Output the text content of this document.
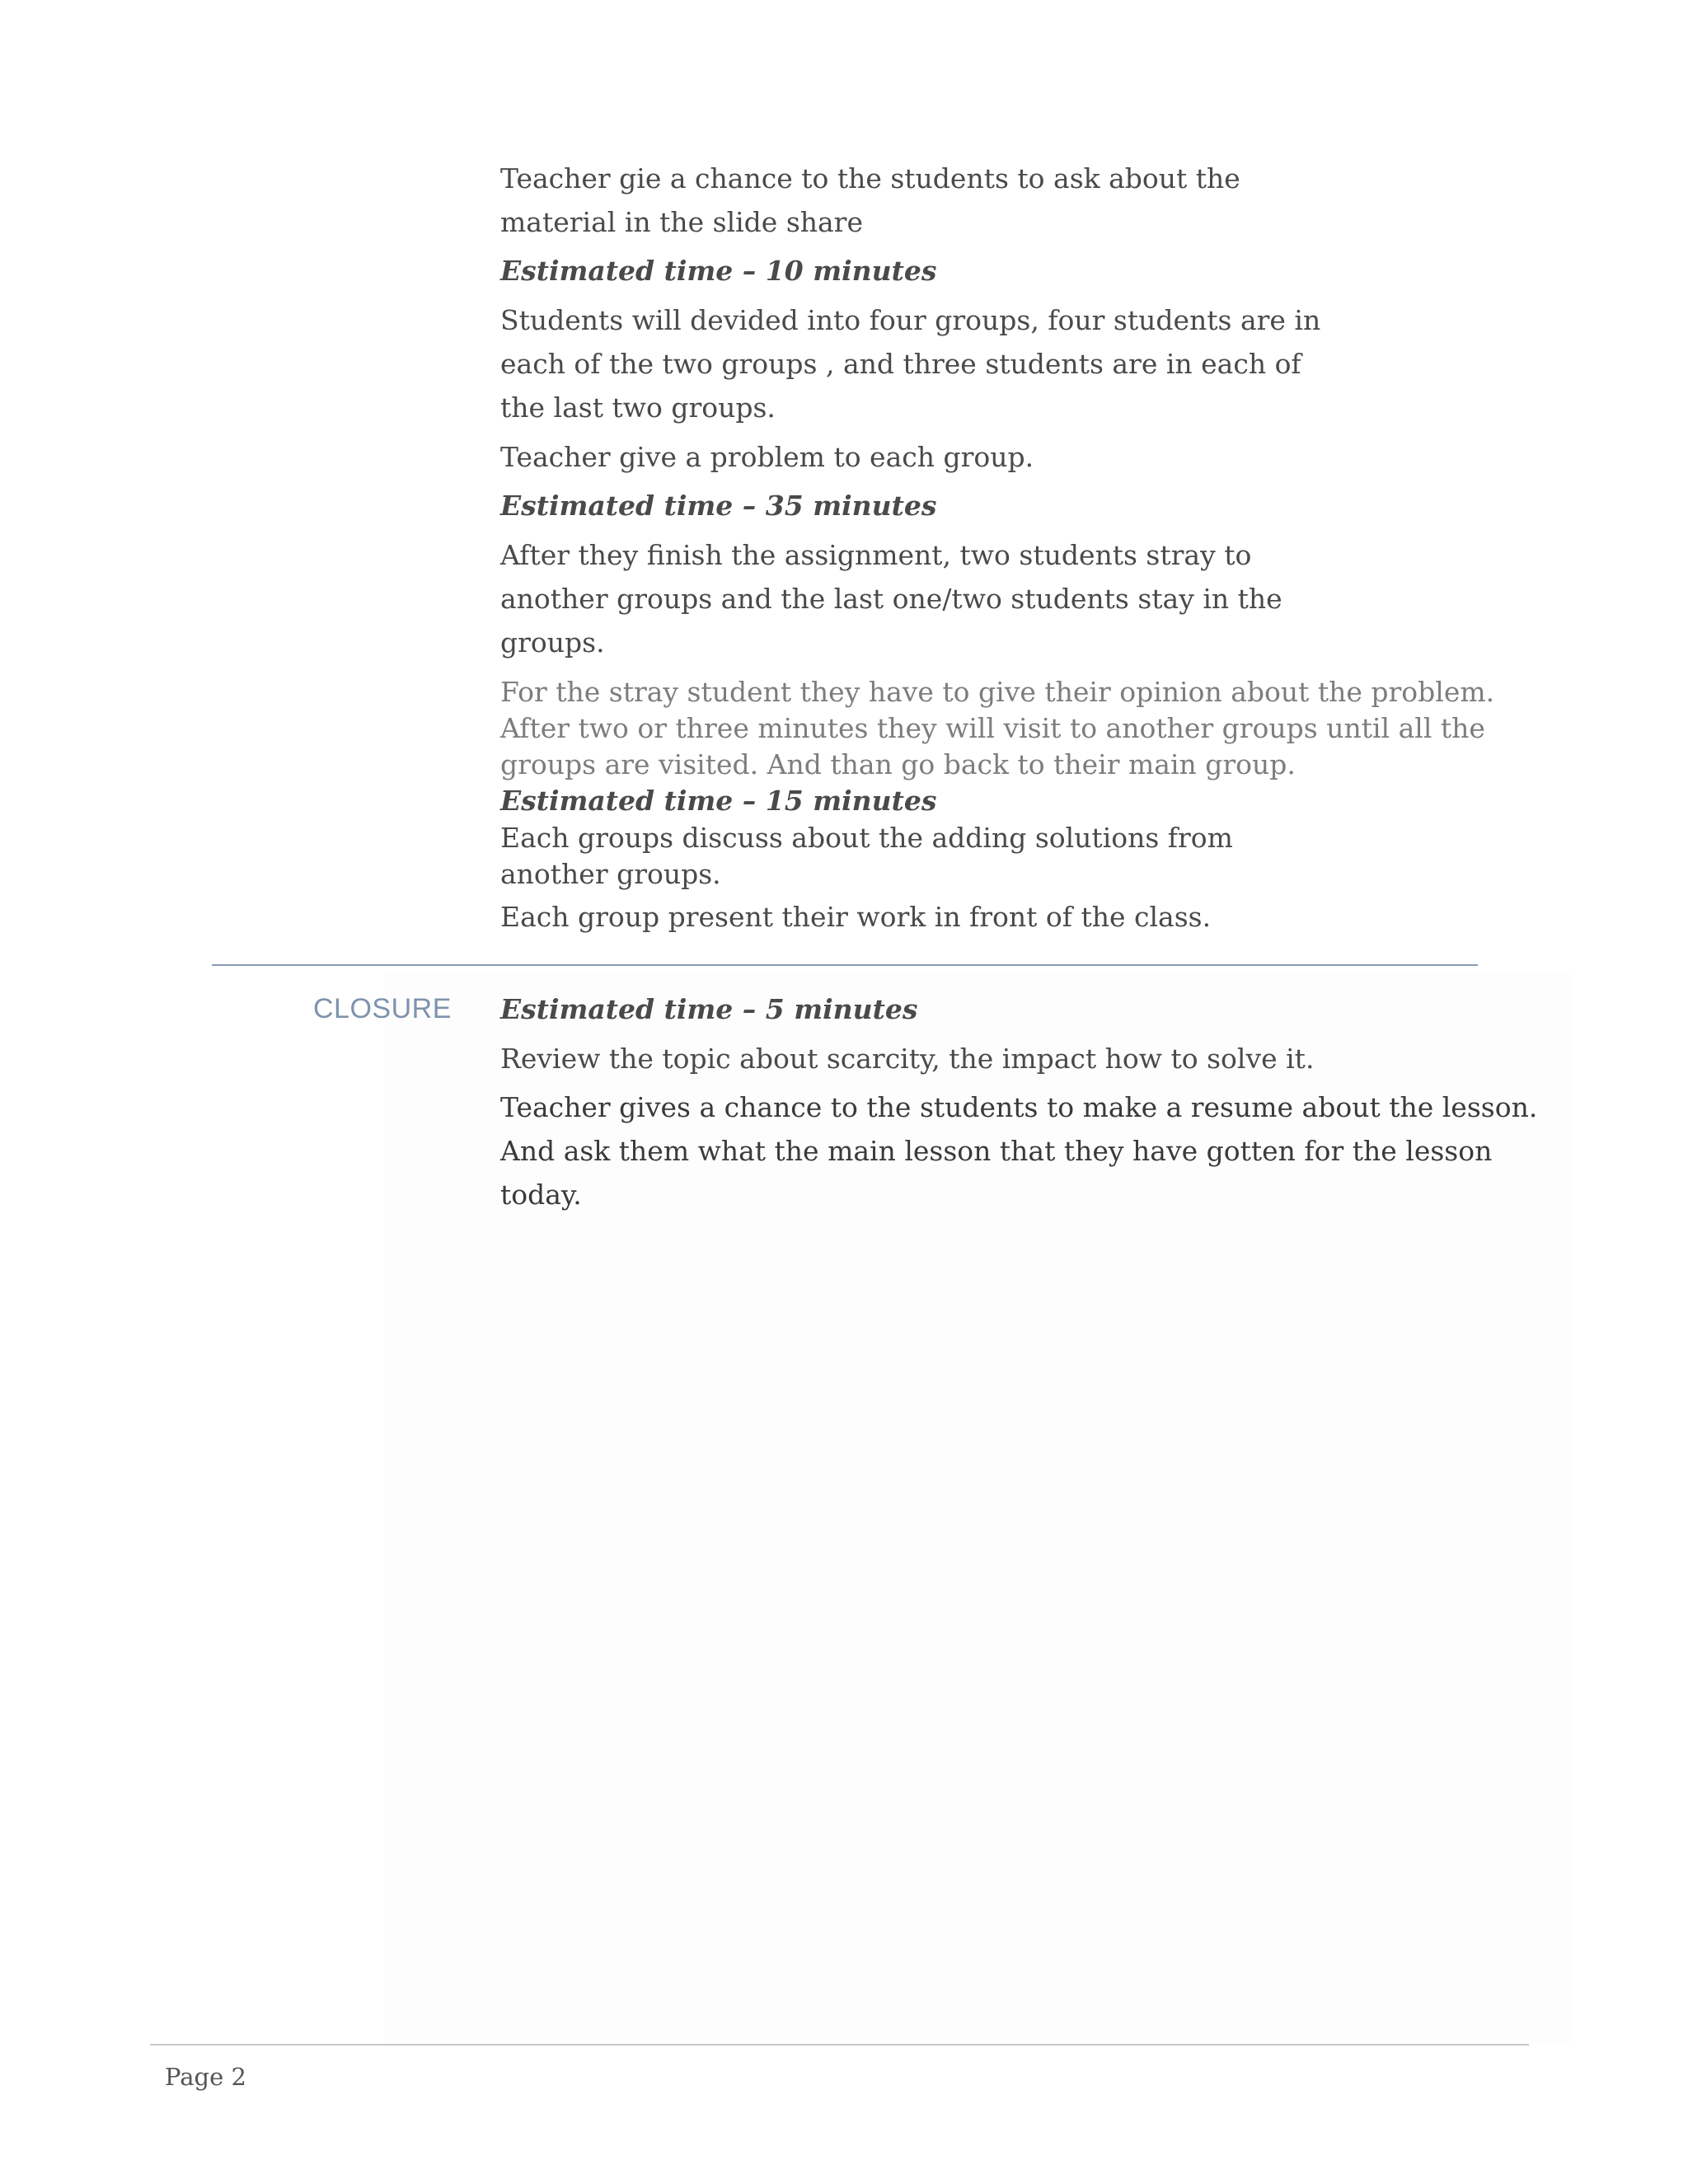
Teacher gie a chance to the students to ask about the

material in the slide share

Estimated time – 10 minutes

Students will devided into four groups, four students are in

each of the two groups , and three students are in each of

the last two groups.

Teacher give a problem to each group.

Estimated time – 35 minutes

After they finish the assignment, two students stray to

another groups and the last one/two students stay in the

groups.

For the stray student they have to give their opinion about the problem.

After two or three minutes they will visit to another groups until all the

groups are visited. And than go back to their main group.

Estimated time – 15 minutes

Each groups discuss about the adding solutions from

another groups.

Each group present their work in front of the class.

CLOSURE Estimated time – 5 minutes

Review the topic about scarcity, the impact how to solve it.

Teacher gives a chance to the students to make a resume about the lesson.

And ask them what the main lesson that they have gotten for the lesson

today.

Page 2
